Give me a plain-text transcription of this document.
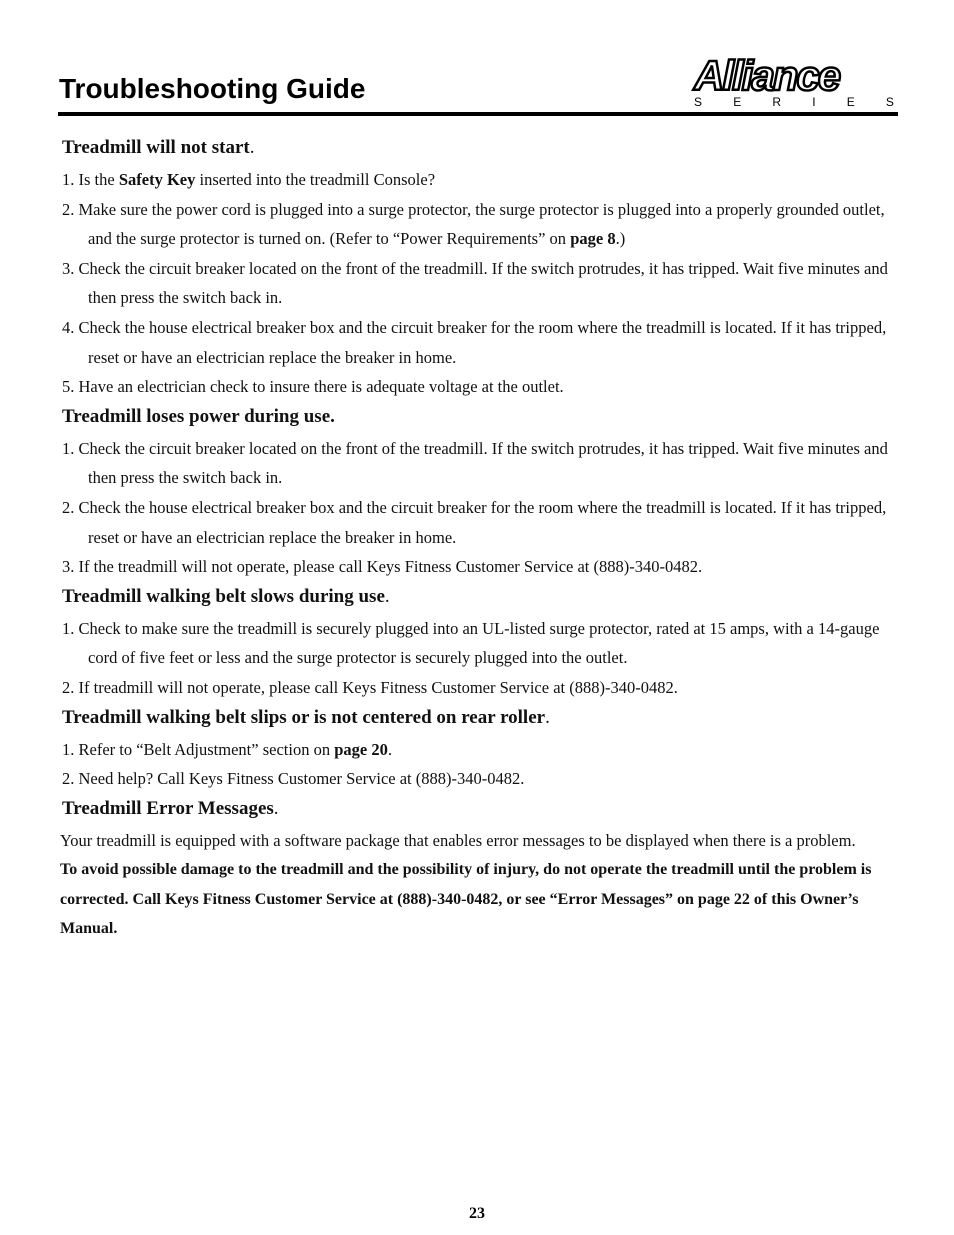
Troubleshooting Guide	Alliance
S	E	R	I	E	S

Treadmill will not start.

1. Is the Safety Key inserted into the treadmill Console?

2. Make sure the power cord is plugged into a surge protector, the surge protector is plugged into a properly grounded outlet, and the surge protector is turned on. (Refer to “Power Requirements” on page 8.)

3. Check the circuit breaker located on the front of the treadmill. If the switch protrudes, it has tripped. Wait five minutes and then press the switch back in.

4. Check the house electrical breaker box and the circuit breaker for the room where the treadmill is located. If it has tripped, reset or have an electrician replace the breaker in home.

5. Have an electrician check to insure there is adequate voltage at the outlet.

Treadmill loses power during use.

1. Check the circuit breaker located on the front of the treadmill. If the switch protrudes, it has tripped. Wait five minutes and then press the switch back in.

2. Check the house electrical breaker box and the circuit breaker for the room where the treadmill is located. If it has tripped, reset or have an electrician replace the breaker in home.

3. If the treadmill will not operate, please call Keys Fitness Customer Service at (888)-340-0482.

Treadmill walking belt slows during use.

1. Check to make sure the treadmill is securely plugged into an UL-listed surge protector, rated at 15 amps, with a 14-gauge cord of five feet or less and the surge protector is securely plugged into the outlet.

2. If treadmill will not operate, please call Keys Fitness Customer Service at (888)-340-0482.

Treadmill walking belt slips or is not centered on rear roller.

1. Refer to “Belt Adjustment” section on page 20.

2. Need help? Call Keys Fitness Customer Service at (888)-340-0482.

Treadmill Error Messages.

Your treadmill is equipped with a software package that enables error messages to be displayed when there is a problem.

To avoid possible damage to the treadmill and the possibility of injury, do not operate the treadmill until the problem is corrected. Call Keys Fitness Customer Service at (888)-340-0482, or see “Error Messages” on page 22 of this Owner’s Manual.

23
